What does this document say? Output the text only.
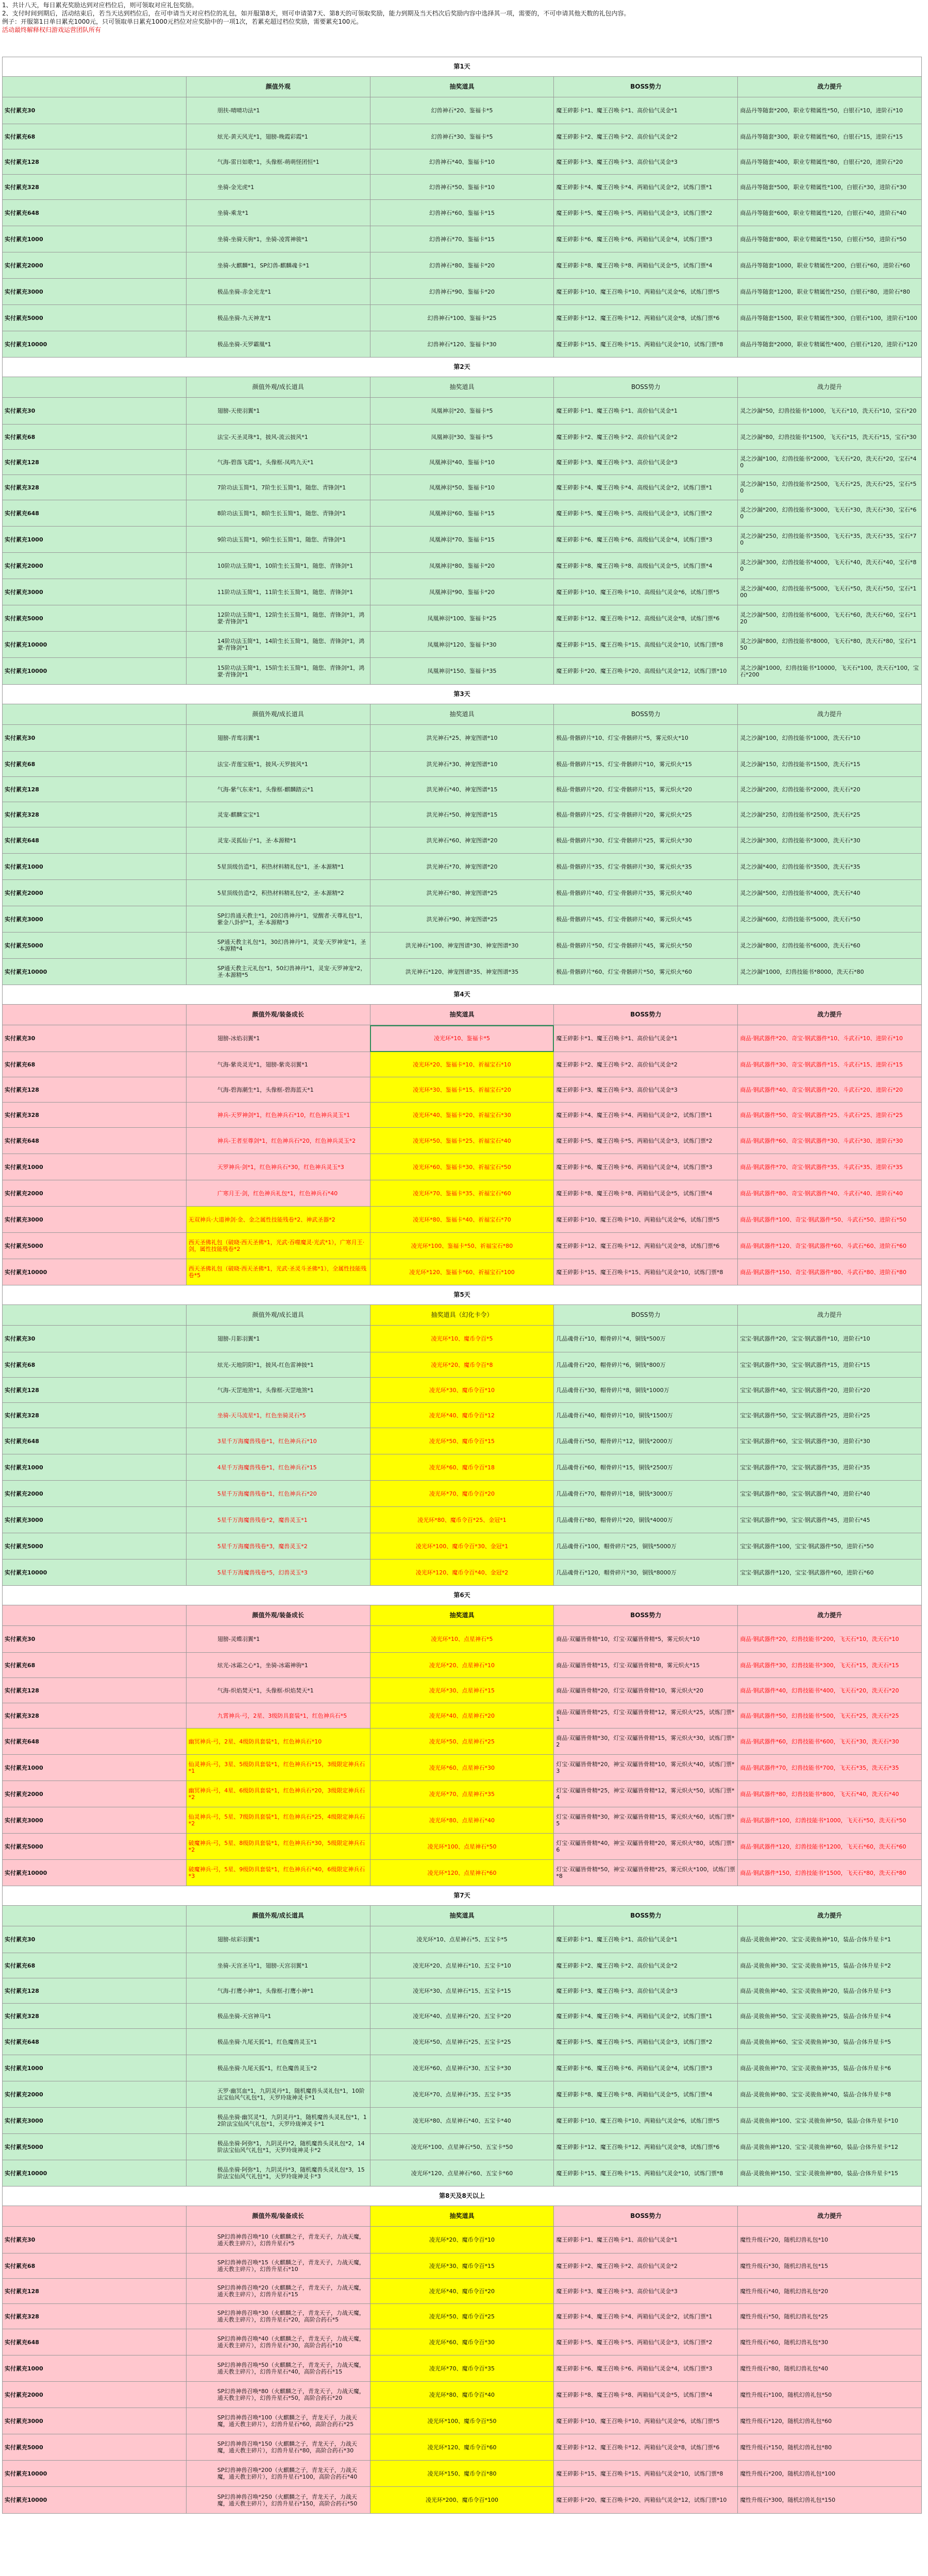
1、共计八天，每日累充奖励达到对应档位后，则可领取对应礼包奖励。
2、支付时间到期后，活动结束后，若当天达到档位后，在可申请当天对应档位的礼包，如开服第8天，则可申请第7天、第8天的可领取奖励，能力到期及当天档次后奖励内容中选择其一项，需要的，不可申请其他天数的礼包内容。
例子：开服第1日单日累充1000元，只可领取单日累充1000元档位对应奖励中的一项1次，若累充超过档位奖励，需要累充100元。
活动最终解释权归游戏运营团队所有
第1天				
	颜值外观	抽奖道具	BOSS势力	战力提升
实付累充30	朋扶-晴晴功法*1	幻兽神石*20、鉴福卡*5	魔王碎影卡*1、魔王召唤卡*1、高价仙气灵金*1	商品丹等随套*200，职业专精属性*50，白银石*10，进阶石*10
实付累充68	炫光-黄天风光*1，翅膀-晚霞彩霞*1	幻兽神石*30、鉴福卡*5	魔王碎影卡*2、魔王召唤卡*2、高价仙气灵金*2	商品丹等随套*300，职业专精属性*60，白银石*15，进阶石*15
实付累充128	气海-雷日如歌*1，头像框-萌萌怪团恒*1	幻兽神石*40、鉴福卡*10	魔王碎影卡*3、魔王召唤卡*3、高价仙气灵金*3	商品丹等随套*400，职业专精属性*80，白银石*20，进阶石*20
实付累充328	坐骑-金光虎*1	幻兽神石*50、鉴福卡*10	魔王碎影卡*4、魔王召唤卡*4、两箱仙气灵金*2，试炼门票*1	商品丹等随套*500，职业专精属性*100，白银石*30，进阶石*30
实付累充648	坐骑-乘龙*1	幻兽神石*60、鉴福卡*15	魔王碎影卡*5、魔王召唤卡*5、两箱仙气灵金*3，试炼门票*2	商品丹等随套*600，职业专精属性*120，白银石*40，进阶石*40
实付累充1000	坐骑-坐骑天驹*1，坐骑-凌霄神骏*1	幻兽神石*70、鉴福卡*15	魔王碎影卡*6、魔王召唤卡*6、两箱仙气灵金*4，试炼门票*3	商品丹等随套*800，职业专精属性*150，白银石*50，进阶石*50
实付累充2000	坐骑-火麒麟*1，SP幻兽-麒麟魂卡*1	幻兽神石*80、鉴福卡*20	魔王碎影卡*8、魔王召唤卡*8、两箱仙气灵金*5，试炼门票*4	商品丹等随套*1000，职业专精属性*200，白银石*60，进阶石*60
实付累充3000	极品坐骑-赤金光龙*1	幻兽神石*90、鉴福卡*20	魔王碎影卡*10、魔王召唤卡*10、两箱仙气灵金*6，试炼门票*5	商品丹等随套*1200，职业专精属性*250，白银石*80，进阶石*80
实付累充5000	极品坐骑-九天神龙*1	幻兽神石*100、鉴福卡*25	魔王碎影卡*12、魔王召唤卡*12、两箱仙气灵金*8，试炼门票*6	商品丹等随套*1500，职业专精属性*300，白银石*100，进阶石*100
实付累充10000	极品坐骑-天罗霸凰*1	幻兽神石*120、鉴福卡*30	魔王碎影卡*15、魔王召唤卡*15、两箱仙气灵金*10，试炼门票*8	商品丹等随套*2000，职业专精属性*400，白银石*120，进阶石*120
第2天				
	颜值外观/成长道具	抽奖道具	BOSS势力	战力提升
实付累充30	翅膀-天使羽翼*1	凤凰神羽*20、鉴福卡*5	魔王碎影卡*1、魔王召唤卡*1、高价仙气灵金*1	灵之沙漏*50，幻兽技能书*1000，飞天石*10，洗天石*10，宝石*20
实付累充68	法宝-天圣灵珠*1，披风-流云披风*1	凤凰神羽*30、鉴福卡*5	魔王碎影卡*2、魔王召唤卡*2、高价仙气灵金*2	灵之沙漏*80，幻兽技能书*1500，飞天石*15，洗天石*15，宝石*30
实付累充128	气海-碧落飞霞*1，头像框-凤鸣九天*1	凤凰神羽*40、鉴福卡*10	魔王碎影卡*3、魔王召唤卡*3、高价仙气灵金*3	灵之沙漏*100，幻兽技能书*2000，飞天石*20，洗天石*20，宝石*40
实付累充328	7阶功法玉简*1，7阶生长玉简*1，随您、青锋剑*1	凤凰神羽*50、鉴福卡*10	魔王碎影卡*4、魔王召唤卡*4、高级仙气灵金*2，试炼门票*1	灵之沙漏*150，幻兽技能书*2500，飞天石*25，洗天石*25，宝石*50
实付累充648	8阶功法玉简*1，8阶生长玉简*1，随您、青锋剑*1	凤凰神羽*60、鉴福卡*15	魔王碎影卡*5、魔王召唤卡*5、高级仙气灵金*3，试炼门票*2	灵之沙漏*200，幻兽技能书*3000，飞天石*30，洗天石*30，宝石*60
实付累充1000	9阶功法玉简*1，9阶生长玉简*1，随您、青锋剑*1	凤凰神羽*70、鉴福卡*15	魔王碎影卡*6、魔王召唤卡*6、高级仙气灵金*4，试炼门票*3	灵之沙漏*250，幻兽技能书*3500，飞天石*35，洗天石*35，宝石*70
实付累充2000	10阶功法玉简*1，10阶生长玉简*1，随您、青锋剑*1	凤凰神羽*80、鉴福卡*20	魔王碎影卡*8、魔王召唤卡*8、高级仙气灵金*5，试炼门票*4	灵之沙漏*300，幻兽技能书*4000，飞天石*40，洗天石*40，宝石*80
实付累充3000	11阶功法玉简*1，11阶生长玉简*1，随您、青锋剑*1	凤凰神羽*90、鉴福卡*20	魔王碎影卡*10、魔王召唤卡*10、高级仙气灵金*6，试炼门票*5	灵之沙漏*400，幻兽技能书*5000，飞天石*50，洗天石*50，宝石*100
实付累充5000	12阶功法玉简*1，12阶生长玉简*1，随您、青锋剑*1，鸿蒙·青锋剑*1	凤凰神羽*100、鉴福卡*25	魔王碎影卡*12、魔王召唤卡*12、高级仙气灵金*8，试炼门票*6	灵之沙漏*500，幻兽技能书*6000，飞天石*60，洗天石*60，宝石*120
实付累充10000	14阶功法玉简*1，14阶生长玉简*1，随您、青锋剑*1，鸿蒙·青锋剑*1	凤凰神羽*120、鉴福卡*30	魔王碎影卡*15、魔王召唤卡*15、高级仙气灵金*10，试炼门票*8	灵之沙漏*800，幻兽技能书*8000，飞天石*80，洗天石*80，宝石*150
实付累充10000	15阶功法玉简*1，15阶生长玉简*1，随您、青锋剑*1，鸿蒙·青锋剑*1	凤凰神羽*150、鉴福卡*35	魔王碎影卡*20、魔王召唤卡*20、高级仙气灵金*12，试炼门票*10	灵之沙漏*1000，幻兽技能书*10000，飞天石*100，洗天石*100，宝石*200
第3天				
	颜值外观/成长道具	抽奖道具	BOSS势力	战力提升
实付累充30	翅膀-青鸾羽翼*1	洪光神石*25、神宠图谱*10	极品·骨骸碎片*10、灯宝·骨骸碎片*5，雾元炽火*10	灵之沙漏*100，幻兽技能书*1000，洗天石*10
实付累充68	法宝-青莲宝瓶*1，披风-天罗披风*1	洪光神石*30、神宠图谱*10	极品·骨骸碎片*15、灯宝·骨骸碎片*10，雾元炽火*15	灵之沙漏*150，幻兽技能书*1500，洗天石*15
实付累充128	气海-紫气东来*1，头像框-麒麟踏云*1	洪光神石*40、神宠图谱*15	极品·骨骸碎片*20、灯宝·骨骸碎片*15，雾元炽火*20	灵之沙漏*200，幻兽技能书*2000，洗天石*20
实付累充328	灵宠-麒麟宝宝*1	洪光神石*50、神宠图谱*15	极品·骨骸碎片*25、灯宝·骨骸碎片*20，雾元炽火*25	灵之沙漏*250，幻兽技能书*2500，洗天石*25
实付累充648	灵宠-灵狐仙子*1，圣·本源精*1	洪光神石*60、神宠图谱*20	极品·骨骸碎片*30、灯宝·骨骸碎片*25，雾元炽火*30	灵之沙漏*300，幻兽技能书*3000，洗天石*30
实付累充1000	5星顶级仿造*1，积热材料精礼包*1，圣·本源精*1	洪光神石*70、神宠图谱*20	极品·骨骸碎片*35、灯宝·骨骸碎片*30，雾元炽火*35	灵之沙漏*400，幻兽技能书*3500，洗天石*35
实付累充2000	5星顶级仿造*2，积热材料精礼包*2，圣·本源精*2	洪光神石*80、神宠图谱*25	极品·骨骸碎片*40、灯宝·骨骸碎片*35，雾元炽火*40	灵之沙漏*500，幻兽技能书*4000，洗天石*40
实付累充3000	SP幻兽通天教主*1，20幻兽神丹*1，觉醒者·天尊礼包*1，紫金八卦炉*1，圣·本源精*3	洪光神石*90、神宠图谱*25	极品·骨骸碎片*45、灯宝·骨骸碎片*40，雾元炽火*45	灵之沙漏*600，幻兽技能书*5000，洗天石*50
实付累充5000	SP通天教主礼包*1，30幻兽神丹*1，灵宠·天罗神宠*1，圣·本源精*4	洪光神石*100、神宠图谱*30、神宠图谱*30	极品·骨骸碎片*50、灯宝·骨骸碎片*45，雾元炽火*50	灵之沙漏*800，幻兽技能书*6000，洗天石*60
实付累充10000	SP通天教主元礼包*1，50幻兽神丹*1，灵宠·天罗神宠*2，圣·本源精*5	洪光神石*120、神宠图谱*35、神宠图谱*35	极品·骨骸碎片*60、灯宝·骨骸碎片*50，雾元炽火*60	灵之沙漏*1000，幻兽技能书*8000，洗天石*80
第4天				
	颜值外观/装备成长	抽奖道具	BOSS势力	战力提升
实付累充30	翅膀-冰焰羽翼*1	凌光环*10、鉴福卡*5	魔王碎影卡*1、魔王召唤卡*1、高价仙气灵金*1	商品·钢武器件*20、奇宝·钢武器件*10、斗武石*10、进阶石*10
实付累充68	气海-紫炎灵光*1，翅膀-紫炎羽翼*1	凌光环*20、鉴福卡*10、祈福宝石*10	魔王碎影卡*2、魔王召唤卡*2、高价仙气灵金*2	商品·钢武器件*30、奇宝·钢武器件*15、斗武石*15、进阶石*15
实付累充128	气海-碧海潮生*1，头像框-碧海蓝天*1	凌光环*30、鉴福卡*15、祈福宝石*20	魔王碎影卡*3、魔王召唤卡*3、高价仙气灵金*3	商品·钢武器件*40、奇宝·钢武器件*20、斗武石*20、进阶石*20
实付累充328	神兵-天罗神剑*1，红色神兵石*10，红色神兵灵玉*1	凌光环*40、鉴福卡*20、祈福宝石*30	魔王碎影卡*4、魔王召唤卡*4、两箱仙气灵金*2，试炼门票*1	商品·钢武器件*50、奇宝·钢武器件*25、斗武石*25、进阶石*25
实付累充648	神兵-王者至尊剑*1，红色神兵石*20，红色神兵灵玉*2	凌光环*50、鉴福卡*25、祈福宝石*40	魔王碎影卡*5、魔王召唤卡*5、两箱仙气灵金*3，试炼门票*2	商品·钢武器件*60、奇宝·钢武器件*30、斗武石*30、进阶石*30
实付累充1000	天罗神兵·剑*1，红色神兵石*30，红色神兵灵玉*3	凌光环*60、鉴福卡*30、祈福宝石*50	魔王碎影卡*6、魔王召唤卡*6、两箱仙气灵金*4，试炼门票*3	商品·钢武器件*70、奇宝·钢武器件*35、斗武石*35、进阶石*35
实付累充2000	广寒月王·剑，红色神兵礼包*1，红色神兵石*40	凌光环*70、鉴福卡*35、祈福宝石*60	魔王碎影卡*8、魔王召唤卡*8、两箱仙气灵金*5，试炼门票*4	商品·钢武器件*80、奇宝·钢武器件*40、斗武石*40、进阶石*40
实付累充3000	无双神兵·大道神剑·金、金之属性技能残卷*2、神武圣器*2	凌光环*80、鉴福卡*40、祈福宝石*70	魔王碎影卡*10、魔王召唤卡*10、两箱仙气灵金*6，试炼门票*5	商品·钢武器件*100、奇宝·钢武器件*50、斗武石*50、进阶石*50
实付累充5000	西天圣佛礼包（破晓·西天圣佛*1，光武·吞噬魔灵·光武*1），广寒月王·剑，属性技能残卷*2	凌光环*100、鉴福卡*50、祈福宝石*80	魔王碎影卡*12、魔王召唤卡*12、两箱仙气灵金*8，试炼门票*6	商品·钢武器件*120、奇宝·钢武器件*60、斗武石*60、进阶石*60
实付累充10000	西天圣佛礼包（破晓·西天圣佛*1，光武·圣灵斗圣佛*1），全属性技能残卷*5	凌光环*120、鉴福卡*60、祈福宝石*100	魔王碎影卡*15、魔王召唤卡*15、两箱仙气灵金*10，试炼门票*8	商品·钢武器件*150、奇宝·钢武器件*80、斗武石*80、进阶石*80
第5天				
	颜值外观/成长道具	抽奖道具（幻化卡令）	BOSS势力	战力提升
实付累充30	翅膀-月影羽翼*1	凌光环*10、魔币令百*5	几品魂骨石*10，帽骨碎片*4，铜钱*500万	宝宝·钢武器件*20，宝宝·钢武器件*10，进阶石*10
实付累充68	炫光-天地阴阳*1，披风-红色雷神披*1	凌光环*20、魔币令百*8	几品魂骨石*20，帽骨碎片*6，铜钱*800万	宝宝·钢武器件*30，宝宝·钢武器件*15，进阶石*15
实付累充128	气海-天罡地煞*1，头像框-天罡地煞*1	凌光环*30、魔币令百*10	几品魂骨石*30，帽骨碎片*8，铜钱*1000万	宝宝·钢武器件*40，宝宝·钢武器件*20，进阶石*20
实付累充328	坐骑-天马流星*1，红色坐骑灵石*5	凌光环*40、魔币令百*12	几品魂骨石*40，帽骨碎片*10，铜钱*1500万	宝宝·钢武器件*50，宝宝·钢武器件*25，进阶石*25
实付累充648	3星千万海魔兽残卷*1，红色神兵石*10	凌光环*50、魔币令百*15	几品魂骨石*50，帽骨碎片*12，铜钱*2000万	宝宝·钢武器件*60，宝宝·钢武器件*30，进阶石*30
实付累充1000	4星千万海魔兽残卷*1，红色神兵石*15	凌光环*60、魔币令百*18	几品魂骨石*60，帽骨碎片*15，铜钱*2500万	宝宝·钢武器件*70，宝宝·钢武器件*35，进阶石*35
实付累充2000	5星千万海魔兽残卷*1，红色神兵石*20	凌光环*70、魔币令百*20	几品魂骨石*70，帽骨碎片*18，铜钱*3000万	宝宝·钢武器件*80，宝宝·钢武器件*40，进阶石*40
实付累充3000	5星千万海魔兽残卷*2，魔兽灵玉*1	凌光环*80、魔币令百*25、金冠*1	几品魂骨石*80，帽骨碎片*20，铜钱*4000万	宝宝·钢武器件*90，宝宝·钢武器件*45，进阶石*45
实付累充5000	5星千万海魔兽残卷*3，魔兽灵玉*2	凌光环*100、魔币令百*30、金冠*1	几品魂骨石*100，帽骨碎片*25，铜钱*5000万	宝宝·钢武器件*100，宝宝·钢武器件*50，进阶石*50
实付累充10000	5星千万海魔兽残卷*5，幻兽灵玉*3	凌光环*120、魔币令百*40、金冠*2	几品魂骨石*120，帽骨碎片*30，铜钱*8000万	宝宝·钢武器件*120，宝宝·钢武器件*60，进阶石*60
第6天				
	颜值外观/装备成长	抽奖道具	BOSS势力	战力提升
实付累充30	翅膀-灵蝶羽翼*1	凌光环*10、点星神石*5	商品·双屬皆骨精*10，灯宝·双屬皆骨精*5，雾元炽火*10	商品·钢武器件*20，幻兽技能书*200，飞天石*10，洗天石*10
实付累充68	炫光-冰霜之心*1，坐骑-冰霜神驹*1	凌光环*20、点星神石*10	商品·双屬皆骨精*15，灯宝·双屬皆骨精*8，雾元炽火*15	商品·钢武器件*30，幻兽技能书*300，飞天石*15，洗天石*15
实付累充128	气海-炽焰焚天*1，头像框-炽焰焚天*1	凌光环*30、点星神石*15	商品·双屬皆骨精*20，灯宝·双屬皆骨精*10，雾元炽火*20	商品·钢武器件*40，幻兽技能书*400，飞天石*20，洗天石*20
实付累充328	九霄神兵·弓，2星、3级防具套装*1，红色神兵石*5	凌光环*40、点星神石*20	商品·双屬皆骨精*25，灯宝·双屬皆骨精*12，雾元炽火*25，试炼门票*1	商品·钢武器件*50，幻兽技能书*500，飞天石*25，洗天石*25
实付累充648	幽冥神兵·弓，2星、4级防具套装*1，红色神兵石*10	凌光环*50、点星神石*25	商品·双屬皆骨精*30，灯宝·双屬皆骨精*15，雾元炽火*30，试炼门票*2	商品·钢武器件*60，幻兽技能书*600，飞天石*30，洗天石*30
实付累充1000	仙灵神兵·弓，3星、5级防具套装*1，红色神兵石*15，3级限定神兵石*1	凌光环*60、点星神石*30	灯宝·双屬皆骨精*20，神宝·双屬皆骨精*10，雾元炽火*40，试炼门票*3	商品·钢武器件*70，幻兽技能书*700，飞天石*35，洗天石*35
实付累充2000	幽冥神兵·弓，4星、6级防具套装*1，红色神兵石*20，3级限定神兵石*2	凌光环*70、点星神石*35	灯宝·双屬皆骨精*25，神宝·双屬皆骨精*12，雾元炽火*50，试炼门票*4	商品·钢武器件*80，幻兽技能书*800，飞天石*40，洗天石*40
实付累充3000	仙灵神兵·弓，5星、7级防具套装*1，红色神兵石*25，4级限定神兵石*2	凌光环*80、点星神石*40	灯宝·双屬皆骨精*30，神宝·双屬皆骨精*15，雾元炽火*60，试炼门票*5	商品·钢武器件*100，幻兽技能书*1000，飞天石*50，洗天石*50
实付累充5000	破魔神兵·弓，5星、8级防具套装*1，红色神兵石*30，5级限定神兵石*2	凌光环*100、点星神石*50	灯宝·双屬皆骨精*40，神宝·双屬皆骨精*20，雾元炽火*80，试炼门票*6	商品·钢武器件*120，幻兽技能书*1200，飞天石*60，洗天石*60
实付累充10000	破魔神兵·弓，5星、9级防具套装*1，红色神兵石*40，6级限定神兵石*3	凌光环*120、点星神石*60	灯宝·双屬皆骨精*50，神宝·双屬皆骨精*25，雾元炽火*100，试炼门票*8	商品·钢武器件*150，幻兽技能书*1500，飞天石*80，洗天石*80
第7天				
	颜值外观/成长道具	抽奖道具	BOSS势力	战力提升
实付累充30	翅膀-炫彩羽翼*1	凌光环*10、点星神石*5、五宝卡*5	魔王碎影卡*1、魔王召唤卡*1、高价仙气灵金*1	商品·灵骏鱼神*20、宝宝·灵骏鱼神*10，装品·合体升星卡*1
实付累充68	坐骑-天宫圣马*1，翅膀-天宫羽翼*1	凌光环*20、点星神石*10、五宝卡*10	魔王碎影卡*2、魔王召唤卡*2、高价仙气灵金*2	商品·灵骏鱼神*30、宝宝·灵骏鱼神*15，装品·合体升星卡*2
实付累充128	气海-打鹰小神*1，头像框-打鹰小神*1	凌光环*30、点星神石*15、五宝卡*15	魔王碎影卡*3、魔王召唤卡*3、高价仙气灵金*3	商品·灵骏鱼神*40、宝宝·灵骏鱼神*20，装品·合体升星卡*3
实付累充328	极品坐骑-天宫神马*1	凌光环*40、点星神石*20、五宝卡*20	魔王碎影卡*4、魔王召唤卡*4、两箱仙气灵金*2，试炼门票*1	商品·灵骏鱼神*50、宝宝·灵骏鱼神*25，装品·合体升星卡*4
实付累充648	极品坐骑·九尾天狐*1，红色魔兽灵玉*1	凌光环*50、点星神石*25、五宝卡*25	魔王碎影卡*5、魔王召唤卡*5、两箱仙气灵金*3，试炼门票*2	商品·灵骏鱼神*60、宝宝·灵骏鱼神*30，装品·合体升星卡*5
实付累充1000	极品坐骑·九尾天狐*1，红色魔兽灵玉*2	凌光环*60、点星神石*30、五宝卡*30	魔王碎影卡*6、魔王召唤卡*6、两箱仙气灵金*4，试炼门票*3	商品·灵骏鱼神*70、宝宝·灵骏鱼神*35，装品·合体升星卡*6
实付累充2000	天罗·幽冥血*1，九阴灵丹*1，随机魔兽头灵礼包*1，10阶法宝仙风气礼包*1，天罗玲珑神灵卡*1	凌光环*70、点星神石*35、五宝卡*35	魔王碎影卡*8、魔王召唤卡*8、两箱仙气灵金*5，试炼门票*4	商品·灵骏鱼神*80、宝宝·灵骏鱼神*40，装品·合体升星卡*8
实付累充3000	极品坐骑·幽冥灵*1，九阴灵丹*1，随机魔兽头灵礼包*1，12阶法宝仙风气礼包*1，天罗玲珑神灵卡*1	凌光环*80、点星神石*40、五宝卡*40	魔王碎影卡*10、魔王召唤卡*10、两箱仙气灵金*6，试炼门票*5	商品·灵骏鱼神*100、宝宝·灵骏鱼神*50，装品·合体升星卡*10
实付累充5000	极品坐骑·阿弥*1，九阴灵丹*2，随机魔兽头灵礼包*2，14阶法宝仙风气礼包*1，天罗玲珑神灵卡*2	凌光环*100、点星神石*50、五宝卡*50	魔王碎影卡*12、魔王召唤卡*12、两箱仙气灵金*8，试炼门票*6	商品·灵骏鱼神*120、宝宝·灵骏鱼神*60，装品·合体升星卡*12
实付累充10000	极品坐骑·阿弥*1，九阴灵丹*3，随机魔兽头灵礼包*3，15阶法宝仙风气礼包*1，天罗玲珑神灵卡*3	凌光环*120、点星神石*60、五宝卡*60	魔王碎影卡*15、魔王召唤卡*15、两箱仙气灵金*10，试炼门票*8	商品·灵骏鱼神*150、宝宝·灵骏鱼神*80，装品·合体升星卡*15
第8天及8天以上				
	颜值外观/装备成长	抽奖道具	BOSS势力	战力提升
实付累充30	SP幻兽神兽召唤*10（火麒麟之子，青龙天子，力战天魔，通天教主碎片），幻兽升星石*5	凌光环*20、魔币令百*10	魔王碎影卡*1、魔王召唤卡*1、高价仙气灵金*1	魔性升级石*20，随机幻兽礼包*10
实付累充68	SP幻兽神兽召唤*15（火麒麟之子，青龙天子，力战天魔，通天教主碎片），幻兽升星石*10	凌光环*30、魔币令百*15	魔王碎影卡*2、魔王召唤卡*2、高价仙气灵金*2	魔性升级石*30，随机幻兽礼包*15
实付累充128	SP幻兽神兽召唤*20（火麒麟之子，青龙天子，力战天魔，通天教主碎片），幻兽升星石*15	凌光环*40、魔币令百*20	魔王碎影卡*3、魔王召唤卡*3、高价仙气灵金*3	魔性升级石*40，随机幻兽礼包*20
实付累充328	SP幻兽神兽召唤*30（火麒麟之子，青龙天子，力战天魔，通天教主碎片），幻兽升星石*20，高阶合药石*5	凌光环*50、魔币令百*25	魔王碎影卡*4、魔王召唤卡*4、两箱仙气灵金*2，试炼门票*1	魔性升级石*50，随机幻兽礼包*25
实付累充648	SP幻兽神兽召唤*40（火麒麟之子，青龙天子，力战天魔，通天教主碎片），幻兽升星石*30，高阶合药石*10	凌光环*60、魔币令百*30	魔王碎影卡*5、魔王召唤卡*5、两箱仙气灵金*3，试炼门票*2	魔性升级石*60，随机幻兽礼包*30
实付累充1000	SP幻兽神兽召唤*50（火麒麟之子，青龙天子，力战天魔，通天教主碎片），幻兽升星石*40，高阶合药石*15	凌光环*70、魔币令百*35	魔王碎影卡*6、魔王召唤卡*6、两箱仙气灵金*4，试炼门票*3	魔性升级石*80，随机幻兽礼包*40
实付累充2000	SP幻兽神兽召唤*80（火麒麟之子，青龙天子，力战天魔，通天教主碎片），幻兽升星石*50，高阶合药石*20	凌光环*80、魔币令百*40	魔王碎影卡*8、魔王召唤卡*8、两箱仙气灵金*5，试炼门票*4	魔性升级石*100，随机幻兽礼包*50
实付累充3000	SP幻兽神兽召唤*100（火麒麟之子，青龙天子，力战天魔，通天教主碎片），幻兽升星石*60，高阶合药石*25	凌光环*100、魔币令百*50	魔王碎影卡*10、魔王召唤卡*10、两箱仙气灵金*6，试炼门票*5	魔性升级石*120，随机幻兽礼包*60
实付累充5000	SP幻兽神兽召唤*150（火麒麟之子，青龙天子，力战天魔，通天教主碎片），幻兽升星石*80，高阶合药石*30	凌光环*120、魔币令百*60	魔王碎影卡*12、魔王召唤卡*12、两箱仙气灵金*8，试炼门票*6	魔性升级石*150，随机幻兽礼包*80
实付累充10000	SP幻兽神兽召唤*200（火麒麟之子，青龙天子，力战天魔，通天教主碎片），幻兽升星石*100，高阶合药石*40	凌光环*150、魔币令百*80	魔王碎影卡*15、魔王召唤卡*15、两箱仙气灵金*10，试炼门票*8	魔性升级石*200，随机幻兽礼包*100
实付累充10000	SP幻兽神兽召唤*250（火麒麟之子，青龙天子，力战天魔，通天教主碎片），幻兽升星石*150，高阶合药石*50	凌光环*200、魔币令百*100	魔王碎影卡*20、魔王召唤卡*20、两箱仙气灵金*12，试炼门票*10	魔性升级石*300，随机幻兽礼包*150
